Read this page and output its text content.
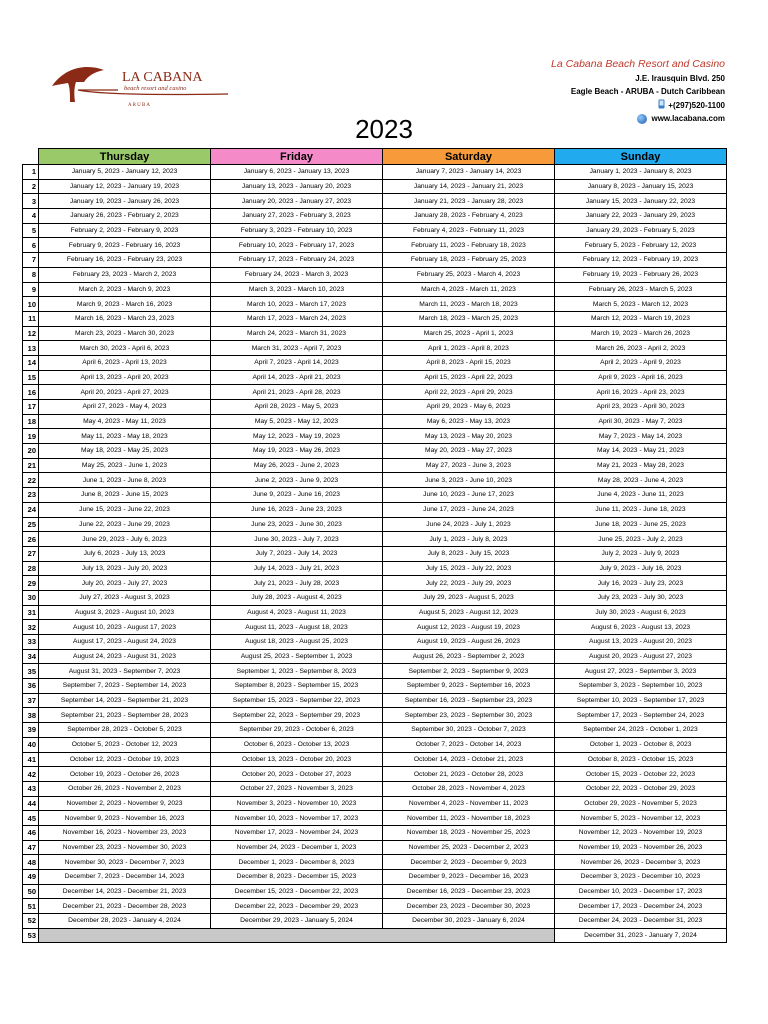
LA CABANA
beach resort and casino
A R U B A
La Cabana Beach Resort and Casino
J.E. Irausquin Blvd. 250
Eagle Beach - ARUBA - Dutch Caribbean
+(297)520-1100
www.lacabana.com
2023
	Thursday	Friday	Saturday	Sunday
1	January 5, 2023 - January 12, 2023	January 6, 2023 - January 13, 2023	January 7, 2023 - January 14, 2023	January 1, 2023 - January 8, 2023
2	January 12, 2023 - January 19, 2023	January 13, 2023 - January 20, 2023	January 14, 2023 - January 21, 2023	January 8, 2023 - January 15, 2023
3	January 19, 2023 - January 26, 2023	January 20, 2023 - January 27, 2023	January 21, 2023 - January 28, 2023	January 15, 2023 - January 22, 2023
4	January 26, 2023 - February 2, 2023	January 27, 2023 - February 3, 2023	January 28, 2023 - February 4, 2023	January 22, 2023 - January 29, 2023
5	February 2, 2023 - February 9, 2023	February 3, 2023 - February 10, 2023	February 4, 2023 - February 11, 2023	January 29, 2023 - February 5, 2023
6	February 9, 2023 - February 16, 2023	February 10, 2023 - February 17, 2023	February 11, 2023 - February 18, 2023	February 5, 2023 - February 12, 2023
7	February 16, 2023 - February 23, 2023	February 17, 2023 - February 24, 2023	February 18, 2023 - February 25, 2023	February 12, 2023 - February 19, 2023
8	February 23, 2023 - March 2, 2023	February 24, 2023 - March 3, 2023	February 25, 2023 - March 4, 2023	February 19, 2023 - February 26, 2023
9	March 2, 2023 - March 9, 2023	March 3, 2023 - March 10, 2023	March 4, 2023 - March 11, 2023	February 26, 2023 - March 5, 2023
10	March 9, 2023 - March 16, 2023	March 10, 2023 - March 17, 2023	March 11, 2023 - March 18, 2023	March 5, 2023 - March 12, 2023
11	March 16, 2023 - March 23, 2023	March 17, 2023 - March 24, 2023	March 18, 2023 - March 25, 2023	March 12, 2023 - March 19, 2023
12	March 23, 2023 - March 30, 2023	March 24, 2023 - March 31, 2023	March 25, 2023 - April 1, 2023	March 19, 2023 - March 26, 2023
13	March 30, 2023 - April 6, 2023	March 31, 2023 - April 7, 2023	April 1, 2023 - April 8, 2023	March 26, 2023 - April 2, 2023
14	April 6, 2023 - April 13, 2023	April 7, 2023 - April 14, 2023	April 8, 2023 - April 15, 2023	April 2, 2023 - April 9, 2023
15	April 13, 2023 - April 20, 2023	April 14, 2023 - April 21, 2023	April 15, 2023 - April 22, 2023	April 9, 2023 - April 16, 2023
16	April 20, 2023 - April 27, 2023	April 21, 2023 - April 28, 2023	April 22, 2023 - April 29, 2023	April 16, 2023 - April 23, 2023
17	April 27, 2023 - May 4, 2023	April 28, 2023 - May 5, 2023	April 29, 2023 - May 6, 2023	April 23, 2023 - April 30, 2023
18	May 4, 2023 - May 11, 2023	May 5, 2023 - May 12, 2023	May 6, 2023 - May 13, 2023	April 30, 2023 - May 7, 2023
19	May 11, 2023 - May 18, 2023	May 12, 2023 - May 19, 2023	May 13, 2023 - May 20, 2023	May 7, 2023 - May 14, 2023
20	May 18, 2023 - May 25, 2023	May 19, 2023 - May 26, 2023	May 20, 2023 - May 27, 2023	May 14, 2023 - May 21, 2023
21	May 25, 2023 - June 1, 2023	May 26, 2023 - June 2, 2023	May 27, 2023 - June 3, 2023	May 21, 2023 - May 28, 2023
22	June 1, 2023 - June 8, 2023	June 2, 2023 - June 9, 2023	June 3, 2023 - June 10, 2023	May 28, 2023 - June 4, 2023
23	June 8, 2023 - June 15, 2023	June 9, 2023 - June 16, 2023	June 10, 2023 - June 17, 2023	June 4, 2023 - June 11, 2023
24	June 15, 2023 - June 22, 2023	June 16, 2023 - June 23, 2023	June 17, 2023 - June 24, 2023	June 11, 2023 - June 18, 2023
25	June 22, 2023 - June 29, 2023	June 23, 2023 - June 30, 2023	June 24, 2023 - July 1, 2023	June 18, 2023 - June 25, 2023
26	June 29, 2023 - July 6, 2023	June 30, 2023 - July 7, 2023	July 1, 2023 - July 8, 2023	June 25, 2023 - July 2, 2023
27	July 6, 2023 - July 13, 2023	July 7, 2023 - July 14, 2023	July 8, 2023 - July 15, 2023	July 2, 2023 - July 9, 2023
28	July 13, 2023 - July 20, 2023	July 14, 2023 - July 21, 2023	July 15, 2023 - July 22, 2023	July 9, 2023 - July 16, 2023
29	July 20, 2023 - July 27, 2023	July 21, 2023 - July 28, 2023	July 22, 2023 - July 29, 2023	July 16, 2023 - July 23, 2023
30	July 27, 2023 - August 3, 2023	July 28, 2023 - August 4, 2023	July 29, 2023 - August 5, 2023	July 23, 2023 - July 30, 2023
31	August 3, 2023 - August 10, 2023	August 4, 2023 - August 11, 2023	August 5, 2023 - August 12, 2023	July 30, 2023 - August 6, 2023
32	August 10, 2023 - August 17, 2023	August 11, 2023 - August 18, 2023	August 12, 2023 - August 19, 2023	August 6, 2023 - August 13, 2023
33	August 17, 2023 - August 24, 2023	August 18, 2023 - August 25, 2023	August 19, 2023 - August 26, 2023	August 13, 2023 - August 20, 2023
34	August 24, 2023 - August 31, 2023	August 25, 2023 - September 1, 2023	August 26, 2023 - September 2, 2023	August 20, 2023 - August 27, 2023
35	August 31, 2023 - September 7, 2023	September 1, 2023 - September 8, 2023	September 2, 2023 - September 9, 2023	August 27, 2023 - September 3, 2023
36	September 7, 2023 - September 14, 2023	September 8, 2023 - September 15, 2023	September 9, 2023 - September 16, 2023	September 3, 2023 - September 10, 2023
37	September 14, 2023 - September 21, 2023	September 15, 2023 - September 22, 2023	September 16, 2023 - September 23, 2023	September 10, 2023 - September 17, 2023
38	September 21, 2023 - September 28, 2023	September 22, 2023 - September 29, 2023	September 23, 2023 - September 30, 2023	September 17, 2023 - September 24, 2023
39	September 28, 2023 - October 5, 2023	September 29, 2023 - October 6, 2023	September 30, 2023 - October 7, 2023	September 24, 2023 - October 1, 2023
40	October 5, 2023 - October 12, 2023	October 6, 2023 - October 13, 2023	October 7, 2023 - October 14, 2023	October 1, 2023 - October 8, 2023
41	October 12, 2023 - October 19, 2023	October 13, 2023 - October 20, 2023	October 14, 2023 - October 21, 2023	October 8, 2023 - October 15, 2023
42	October 19, 2023 - October 26, 2023	October 20, 2023 - October 27, 2023	October 21, 2023 - October 28, 2023	October 15, 2023 - October 22, 2023
43	October 26, 2023 - November 2, 2023	October 27, 2023 - November 3, 2023	October 28, 2023 - November 4, 2023	October 22, 2023 - October 29, 2023
44	November 2, 2023 - November 9, 2023	November 3, 2023 - November 10, 2023	November 4, 2023 - November 11, 2023	October 29, 2023 - November 5, 2023
45	November 9, 2023 - November 16, 2023	November 10, 2023 - November 17, 2023	November 11, 2023 - November 18, 2023	November 5, 2023 - November 12, 2023
46	November 16, 2023 - November 23, 2023	November 17, 2023 - November 24, 2023	November 18, 2023 - November 25, 2023	November 12, 2023 - November 19, 2023
47	November 23, 2023 - November 30, 2023	November 24, 2023 - December 1, 2023	November 25, 2023 - December 2, 2023	November 19, 2023 - November 26, 2023
48	November 30, 2023 - December 7, 2023	December 1, 2023 - December 8, 2023	December 2, 2023 - December 9, 2023	November 26, 2023 - December 3, 2023
49	December 7, 2023 - December 14, 2023	December 8, 2023 - December 15, 2023	December 9, 2023 - December 16, 2023	December 3, 2023 - December 10, 2023
50	December 14, 2023 - December 21, 2023	December 15, 2023 - December 22, 2023	December 16, 2023 - December 23, 2023	December 10, 2023 - December 17, 2023
51	December 21, 2023 - December 28, 2023	December 22, 2023 - December 29, 2023	December 23, 2023 - December 30, 2023	December 17, 2023 - December 24, 2023
52	December 28, 2023 - January 4, 2024	December 29, 2023 - January 5, 2024	December 30, 2023 - January 6, 2024	December 24, 2023 - December 31, 2023
53				December 31, 2023 - January 7, 2024
